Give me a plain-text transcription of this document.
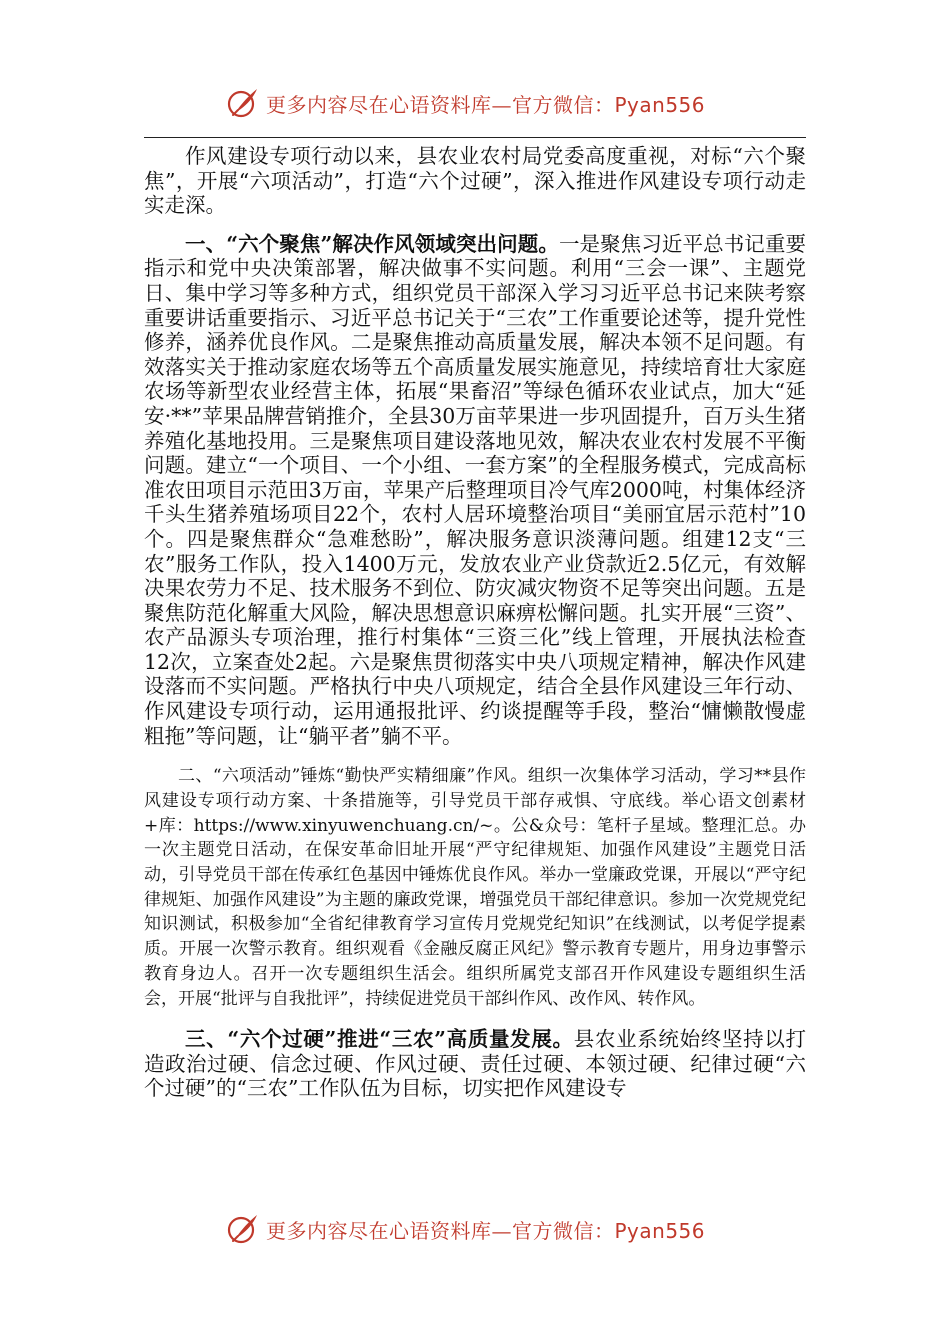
更多内容尽在心语资料库—官方微信：Pyan556

作风建设专项行动以来，县农业农村局党委高度重视，对标“六个聚焦”，开展“六项活动”，打造“六个过硬”，深入推进作风建设专项行动走实走深。

一、“六个聚焦”解决作风领域突出问题。一是聚焦习近平总书记重要指示和党中央决策部署，解决做事不实问题。利用“三会一课”、主题党日、集中学习等多种方式，组织党员干部深入学习习近平总书记来陕考察重要讲话重要指示、习近平总书记关于“三农”工作重要论述等，提升党性修养，涵养优良作风。二是聚焦推动高质量发展，解决本领不足问题。有效落实关于推动家庭农场等五个高质量发展实施意见，持续培育壮大家庭农场等新型农业经营主体，拓展“果畜沼”等绿色循环农业试点，加大“延安·**”苹果品牌营销推介，全县30万亩苹果进一步巩固提升，百万头生猪养殖化基地投用。三是聚焦项目建设落地见效，解决农业农村发展不平衡问题。建立“一个项目、一个小组、一套方案”的全程服务模式，完成高标准农田项目示范田3万亩，苹果产后整理项目冷气库2000吨，村集体经济千头生猪养殖场项目22个，农村人居环境整治项目“美丽宜居示范村”10个。四是聚焦群众“急难愁盼”，解决服务意识淡薄问题。组建12支“三农”服务工作队，投入1400万元，发放农业产业贷款近2.5亿元，有效解决果农劳力不足、技术服务不到位、防灾减灾物资不足等突出问题。五是聚焦防范化解重大风险，解决思想意识麻痹松懈问题。扎实开展“三资”、农产品源头专项治理，推行村集体“三资三化”线上管理，开展执法检查12次，立案查处2起。六是聚焦贯彻落实中央八项规定精神，解决作风建设落而不实问题。严格执行中央八项规定，结合全县作风建设三年行动、作风建设专项行动，运用通报批评、约谈提醒等手段，整治“慵懒散慢虚粗拖”等问题，让“躺平者”躺不平。

二、“六项活动”锤炼“勤快严实精细廉”作风。组织一次集体学习活动，学习**县作风建设专项行动方案、十条措施等，引导党员干部存戒惧、守底线。举心语文创素材+库：https://www.xinyuwenchuang.cn/~。公&众号：笔杆子星域。整理汇总。办一次主题党日活动，在保安革命旧址开展“严守纪律规矩、加强作风建设”主题党日活动，引导党员干部在传承红色基因中锤炼优良作风。举办一堂廉政党课，开展以“严守纪律规矩、加强作风建设”为主题的廉政党课，增强党员干部纪律意识。参加一次党规党纪知识测试，积极参加“全省纪律教育学习宣传月党规党纪知识”在线测试，以考促学提素质。开展一次警示教育。组织观看《金融反腐正风纪》警示教育专题片，用身边事警示教育身边人。召开一次专题组织生活会。组织所属党支部召开作风建设专题组织生活会，开展“批评与自我批评”，持续促进党员干部纠作风、改作风、转作风。

三、“六个过硬”推进“三农”高质量发展。县农业系统始终坚持以打造政治过硬、信念过硬、作风过硬、责任过硬、本领过硬、纪律过硬“六个过硬”的“三农”工作队伍为目标，切实把作风建设专

更多内容尽在心语资料库—官方微信：Pyan556
